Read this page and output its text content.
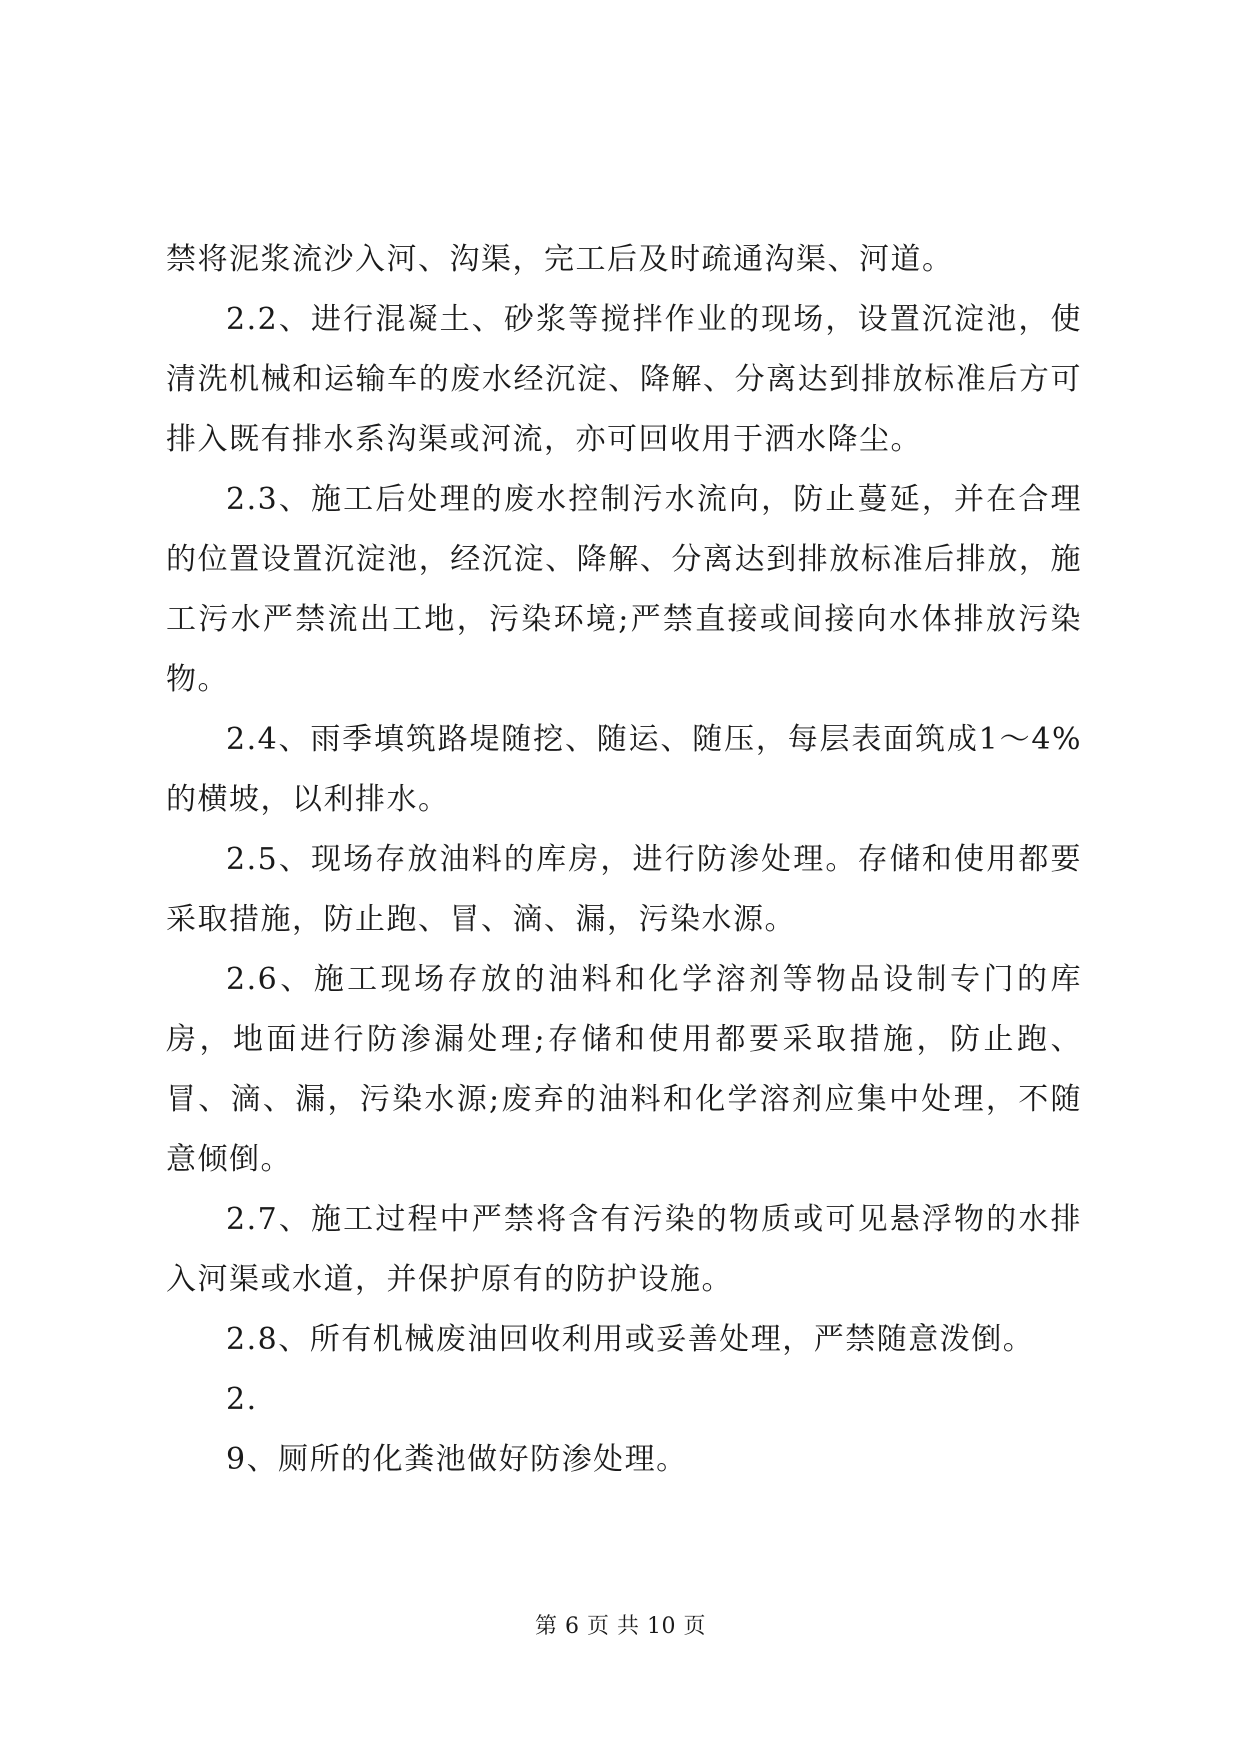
禁将泥浆流沙入河、沟渠，完工后及时疏通沟渠、河道。

2.2、进行混凝土、砂浆等搅拌作业的现场，设置沉淀池，使清洗机械和运输车的废水经沉淀、降解、分离达到排放标准后方可排入既有排水系沟渠或河流，亦可回收用于洒水降尘。

2.3、施工后处理的废水控制污水流向，防止蔓延，并在合理的位置设置沉淀池，经沉淀、降解、分离达到排放标准后排放，施工污水严禁流出工地，污染环境;严禁直接或间接向水体排放污染物。

2.4、雨季填筑路堤随挖、随运、随压，每层表面筑成1～4%的横坡，以利排水。

2.5、现场存放油料的库房，进行防渗处理。存储和使用都要采取措施，防止跑、冒、滴、漏，污染水源。

2.6、施工现场存放的油料和化学溶剂等物品设制专门的库房，地面进行防渗漏处理;存储和使用都要采取措施，防止跑、冒、滴、漏，污染水源;废弃的油料和化学溶剂应集中处理，不随意倾倒。

2.7、施工过程中严禁将含有污染的物质或可见悬浮物的水排入河渠或水道，并保护原有的防护设施。

2.8、所有机械废油回收利用或妥善处理，严禁随意泼倒。

2.

9、厕所的化粪池做好防渗处理。

第 6 页 共 10 页
